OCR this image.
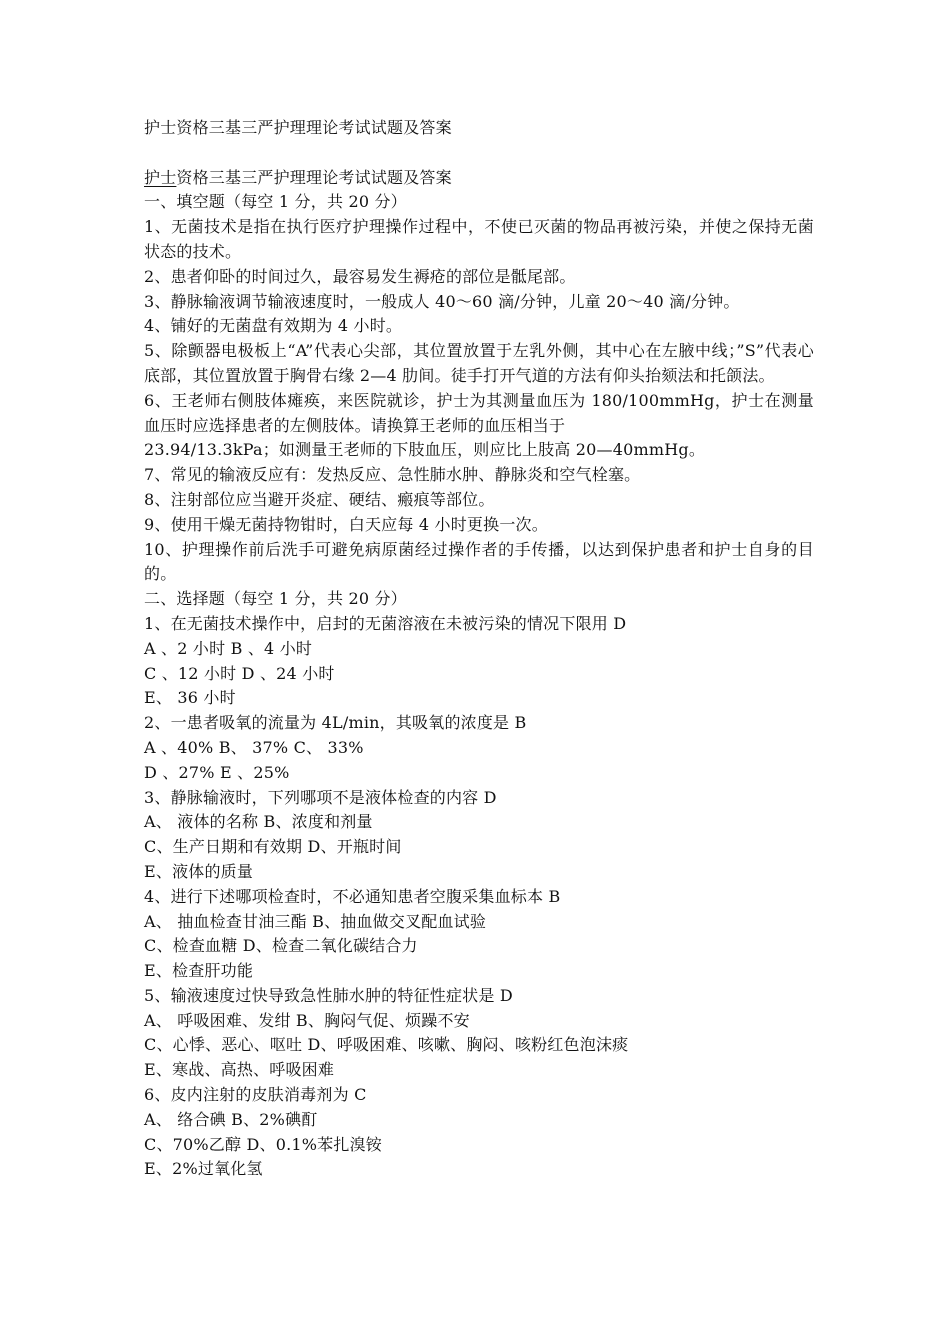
护士资格三基三严护理理论考试试题及答案

护士资格三基三严护理理论考试试题及答案

一、填空题（每空 1 分，共 20 分）

1、无菌技术是指在执行医疗护理操作过程中，不使已灭菌的物品再被污染，并使之保持无菌状态的技术。

2、患者仰卧的时间过久，最容易发生褥疮的部位是骶尾部。

3、静脉输液调节输液速度时，一般成人 40～60 滴/分钟，儿童 20～40 滴/分钟。

4、铺好的无菌盘有效期为 4 小时。

5、除颤器电极板上“A”代表心尖部，其位置放置于左乳外侧，其中心在左腋中线；”S”代表心底部，其位置放置于胸骨右缘 2—4 肋间。徒手打开气道的方法有仰头抬颏法和托颌法。

6、王老师右侧肢体瘫痪，来医院就诊，护士为其测量血压为 180/100mmHg，护士在测量血压时应选择患者的左侧肢体。请换算王老师的血压相当于

23.94/13.3kPa；如测量王老师的下肢血压，则应比上肢高 20—40mmHg。

7、常见的输液反应有：发热反应、急性肺水肿、静脉炎和空气栓塞。

8、注射部位应当避开炎症、硬结、瘢痕等部位。

9、使用干燥无菌持物钳时，白天应每 4 小时更换一次。

10、护理操作前后洗手可避免病原菌经过操作者的手传播，以达到保护患者和护士自身的目的。

二、选择题（每空 1 分，共 20 分）

1、在无菌技术操作中，启封的无菌溶液在未被污染的情况下限用 D

A 、2 小时 B 、4 小时

C 、12 小时 D 、24 小时

E、 36 小时

2、一患者吸氧的流量为 4L/min，其吸氧的浓度是 B

A 、40% B、 37% C、 33%

D 、27% E 、25%

3、静脉输液时，下列哪项不是液体检查的内容 D

A、 液体的名称 B、浓度和剂量

C、生产日期和有效期 D、开瓶时间

E、液体的质量

4、进行下述哪项检查时，不必通知患者空腹采集血标本 B

A、 抽血检查甘油三酯 B、抽血做交叉配血试验

C、检查血糖 D、检查二氧化碳结合力

E、检查肝功能

5、输液速度过快导致急性肺水肿的特征性症状是 D

A、 呼吸困难、发绀 B、胸闷气促、烦躁不安

C、心悸、恶心、呕吐 D、呼吸困难、咳嗽、胸闷、咳粉红色泡沫痰

E、寒战、高热、呼吸困难

6、皮内注射的皮肤消毒剂为 C

A、 络合碘 B、2%碘酊

C、70%乙醇 D、0.1%苯扎溴铵

E、2%过氧化氢
